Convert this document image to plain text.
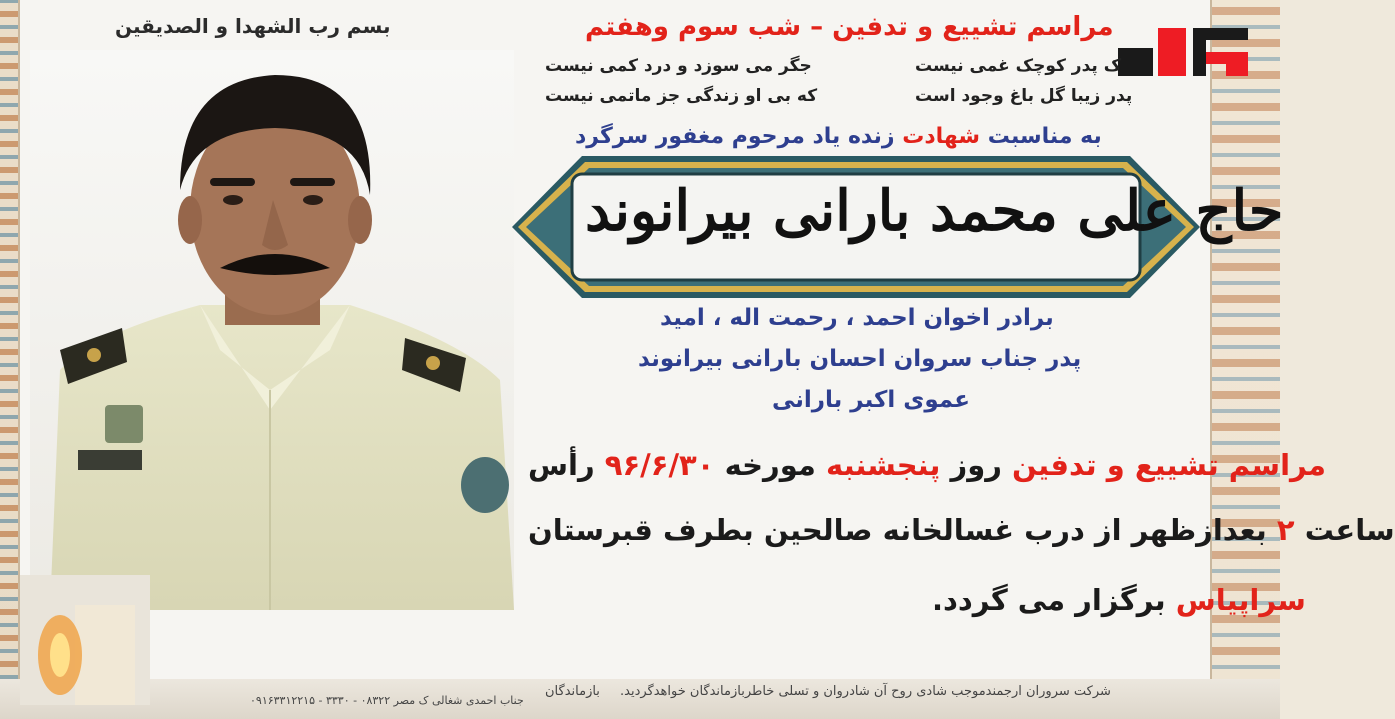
بسم رب الشهدا و الصدیقین	مراسم تشییع و تدفین – شب سوم وهفتم
جگر می سوزد و درد کمی نیست
که بی او زندگی جز ماتمی نیست
ک پدر کوچک غمی نیست
پدر زیبا گل باغ وجود است
به مناسبت شهادت زنده یاد مرحوم مغفور سرگرد
حاج علی محمد بارانی بیرانوند
برادر اخوان احمد ، رحمت اله ، امید
پدر جناب سروان احسان بارانی بیرانوند
عموی اکبر بارانی
مراسم تشییع و تدفین روز پنجشنبه مورخه ۹۶/۶/۳۰ رأس
ساعت ۲ بعدازظهر از درب غسالخانه صالحین بطرف قبرستان
سراپیاس برگزار می گردد.
شرکت سروران ارجمندموجب شادی روح آن شادروان و تسلی خاطربازماندگان خواهدگردید.
بازماندگان
جناب احمدی شغالی ک مصر ۰۸۳۲۲ - ۳۳۳۰ - ۰۹۱۶۳۳۱۲۲۱۵
